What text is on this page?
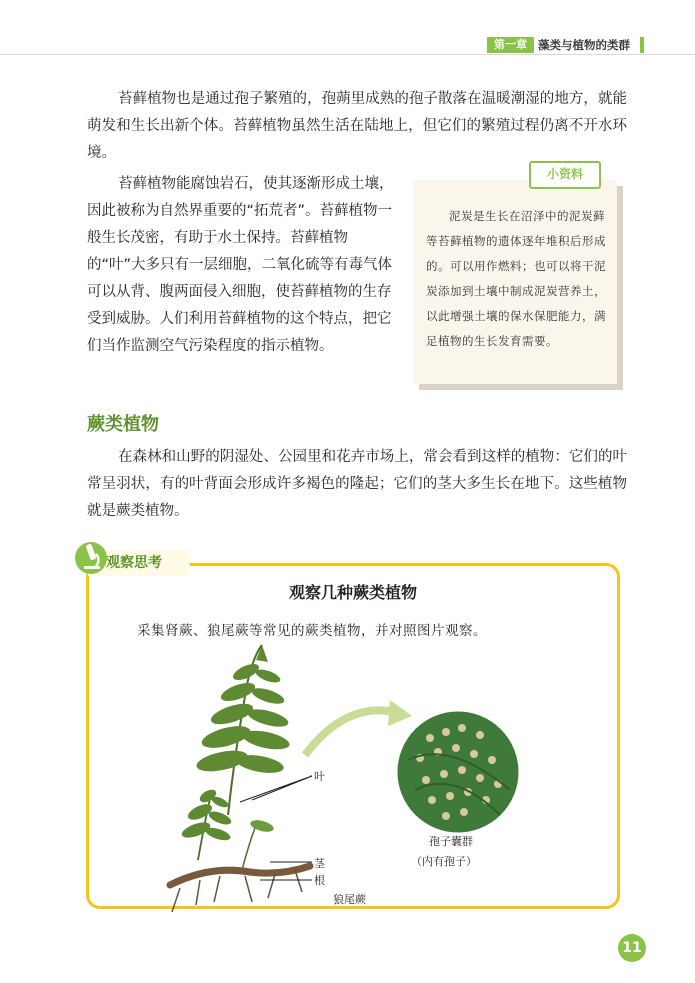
第一章 藻类与植物的类群

苔藓植物也是通过孢子繁殖的，孢蒴里成熟的孢子散落在温暖潮湿的地方，就能萌发和生长出新个体。苔藓植物虽然生活在陆地上，但它们的繁殖过程仍离不开水环境。

苔藓植物能腐蚀岩石，使其逐渐形成土壤，因此被称为自然界重要的“拓荒者”。苔藓植物一般生长茂密，有助于水土保持。苔藓植物的“叶”大多只有一层细胞，二氧化硫等有毒气体可以从背、腹两面侵入细胞，使苔藓植物的生存受到威胁。人们利用苔藓植物的这个特点，把它们当作监测空气污染程度的指示植物。

小资料
泥炭是生长在沼泽中的泥炭藓等苔藓植物的遗体逐年堆积后形成的。可以用作燃料；也可以将干泥炭添加到土壤中制成泥炭营养土，以此增强土壤的保水保肥能力，满足植物的生长发育需要。
蕨类植物

在森林和山野的阴湿处、公园里和花卉市场上，常会看到这样的植物：它们的叶常呈羽状，有的叶背面会形成许多褐色的隆起；它们的茎大多生长在地下。这些植物就是蕨类植物。

观察思考
观察几种蕨类植物
采集肾蕨、狼尾蕨等常见的蕨类植物，并对照图片观察。
叶
茎
根
狼尾蕨
孢子囊群
（内有孢子）
11
